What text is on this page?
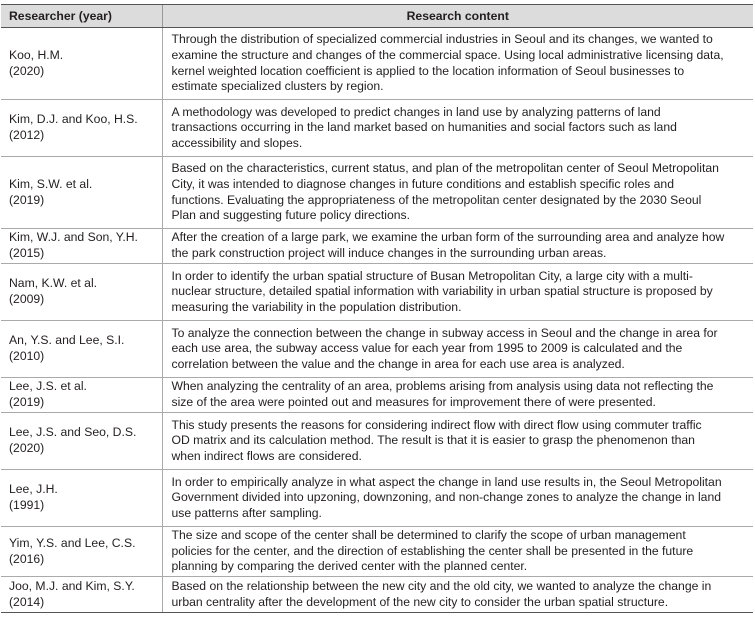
Researcher (year)	Research content

Koo, H.M.
(2020)	Through the distribution of specialized commercial industries in Seoul and its changes, we wanted to
examine the structure and changes of the commercial space. Using local administrative licensing data,
kernel weighted location coefficient is applied to the location information of Seoul businesses to
estimate specialized clusters by region.

Kim, D.J. and Koo, H.S.
(2012)	A methodology was developed to predict changes in land use by analyzing patterns of land
transactions occurring in the land market based on humanities and social factors such as land
accessibility and slopes.

Kim, S.W. et al.
(2019)	Based on the characteristics, current status, and plan of the metropolitan center of Seoul Metropolitan
City, it was intended to diagnose changes in future conditions and establish specific roles and
functions. Evaluating the appropriateness of the metropolitan center designated by the 2030 Seoul
Plan and suggesting future policy directions.

Kim, W.J. and Son, Y.H.
(2015)	After the creation of a large park, we examine the urban form of the surrounding area and analyze how
the park construction project will induce changes in the surrounding urban areas.

Nam, K.W. et al.
(2009)	In order to identify the urban spatial structure of Busan Metropolitan City, a large city with a multi-
nuclear structure, detailed spatial information with variability in urban spatial structure is proposed by
measuring the variability in the population distribution.

An, Y.S. and Lee, S.I.
(2010)	To analyze the connection between the change in subway access in Seoul and the change in area for
each use area, the subway access value for each year from 1995 to 2009 is calculated and the
correlation between the value and the change in area for each use area is analyzed.

Lee, J.S. et al.
(2019)	When analyzing the centrality of an area, problems arising from analysis using data not reflecting the
size of the area were pointed out and measures for improvement there of were presented.

Lee, J.S. and Seo, D.S.
(2020)	This study presents the reasons for considering indirect flow with direct flow using commuter traffic
OD matrix and its calculation method. The result is that it is easier to grasp the phenomenon than
when indirect flows are considered.

Lee, J.H.
(1991)	In order to empirically analyze in what aspect the change in land use results in, the Seoul Metropolitan
Government divided into upzoning, downzoning, and non-change zones to analyze the change in land
use patterns after sampling.

Yim, Y.S. and Lee, C.S.
(2016)	The size and scope of the center shall be determined to clarify the scope of urban management
policies for the center, and the direction of establishing the center shall be presented in the future
planning by comparing the derived center with the planned center.

Joo, M.J. and Kim, S.Y.
(2014)	Based on the relationship between the new city and the old city, we wanted to analyze the change in
urban centrality after the development of the new city to consider the urban spatial structure.
